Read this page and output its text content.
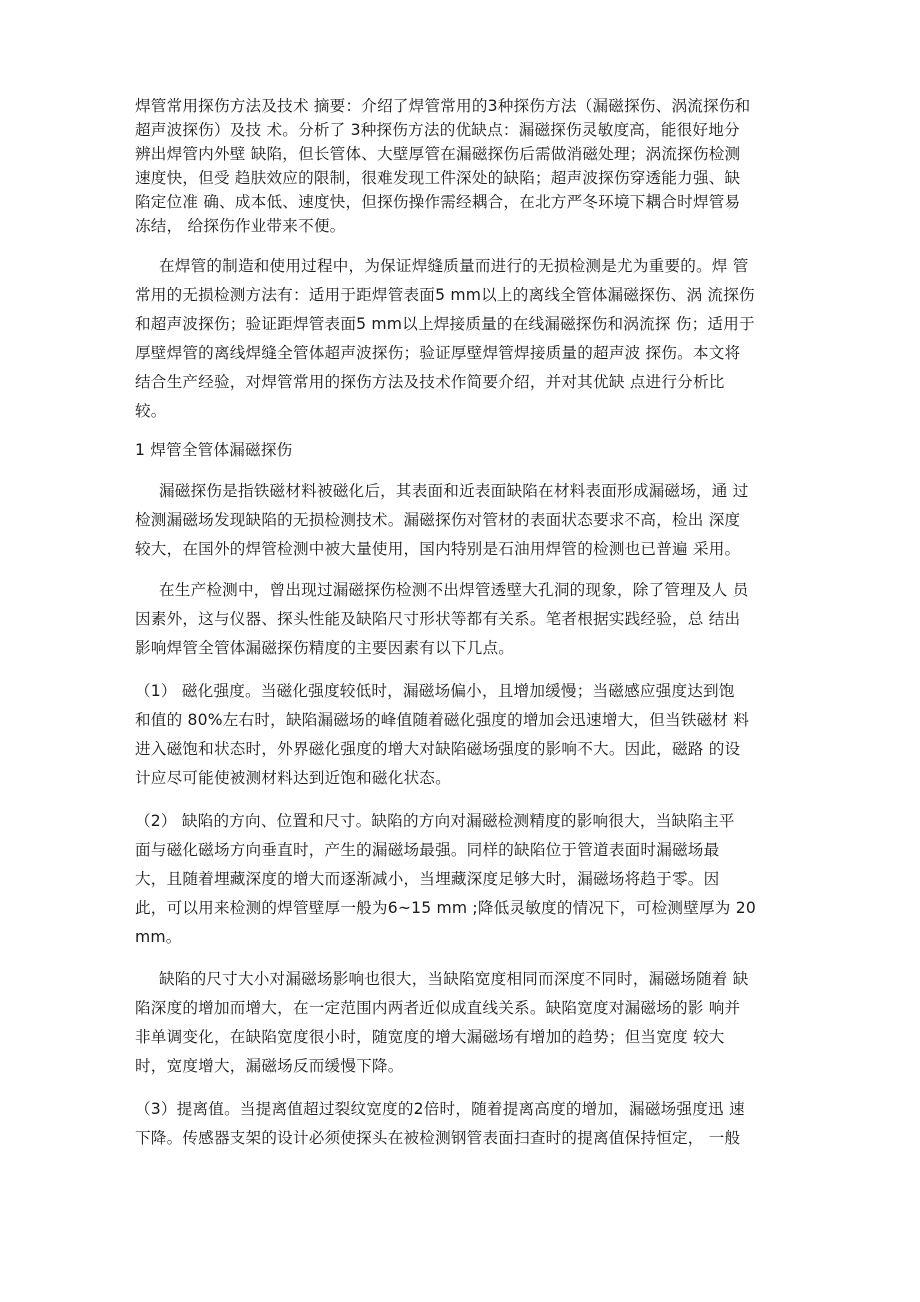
焊管常用探伤方法及技术 摘要：介绍了焊管常用的3种探伤方法（漏磁探伤、涡流探伤和
超声波探伤）及技 术。分析了 3种探伤方法的优缺点：漏磁探伤灵敏度高，能很好地分
辨出焊管内外壁 缺陷，但长管体、大壁厚管在漏磁探伤后需做消磁处理；涡流探伤检测
速度快，但受 趋肤效应的限制，很难发现工件深处的缺陷；超声波探伤穿透能力强、缺
陷定位准 确、成本低、速度快，但探伤操作需经耦合，在北方严冬环境下耦合时焊管易
冻结， 给探伤作业带来不便。
在焊管的制造和使用过程中，为保证焊缝质量而进行的无损检测是尤为重要的。焊 管
常用的无损检测方法有：适用于距焊管表面5 mm以上的离线全管体漏磁探伤、涡 流探伤
和超声波探伤；验证距焊管表面5 mm以上焊接质量的在线漏磁探伤和涡流探 伤；适用于
厚壁焊管的离线焊缝全管体超声波探伤；验证厚壁焊管焊接质量的超声波 探伤。本文将
结合生产经验，对焊管常用的探伤方法及技术作简要介绍，并对其优缺 点进行分析比
较。
1 焊管全管体漏磁探伤
漏磁探伤是指铁磁材料被磁化后，其表面和近表面缺陷在材料表面形成漏磁场，通 过
检测漏磁场发现缺陷的无损检测技术。漏磁探伤对管材的表面状态要求不高，检出 深度
较大，在国外的焊管检测中被大量使用，国内特别是石油用焊管的检测也已普遍 采用。
在生产检测中，曾出现过漏磁探伤检测不出焊管透壁大孔洞的现象，除了管理及人 员
因素外，这与仪器、探头性能及缺陷尺寸形状等都有关系。笔者根据实践经验，总 结出
影响焊管全管体漏磁探伤精度的主要因素有以下几点。
（1） 磁化强度。当磁化强度较低时，漏磁场偏小，且增加缓慢；当磁感应强度达到饱
和值的 80%左右时，缺陷漏磁场的峰值随着磁化强度的增加会迅速增大，但当铁磁材 料
进入磁饱和状态时，外界磁化强度的增大对缺陷磁场强度的影响不大。因此，磁路 的设
计应尽可能使被测材料达到近饱和磁化状态。
（2） 缺陷的方向、位置和尺寸。缺陷的方向对漏磁检测精度的影响很大，当缺陷主平
面与磁化磁场方向垂直时，产生的漏磁场最强。同样的缺陷位于管道表面时漏磁场最
大，且随着埋藏深度的增大而逐渐减小，当埋藏深度足够大时，漏磁场将趋于零。因
此，可以用来检测的焊管壁厚一般为6~15 mm ;降低灵敏度的情况下，可检测壁厚为 20
mm。
缺陷的尺寸大小对漏磁场影响也很大，当缺陷宽度相同而深度不同时，漏磁场随着 缺
陷深度的增加而增大，在一定范围内两者近似成直线关系。缺陷宽度对漏磁场的影 响并
非单调变化，在缺陷宽度很小时，随宽度的增大漏磁场有增加的趋势；但当宽度 较大
时，宽度增大，漏磁场反而缓慢下降。
（3）提离值。当提离值超过裂纹宽度的2倍时，随着提离高度的增加，漏磁场强度迅 速
下降。传感器支架的设计必须使探头在被检测钢管表面扫查时的提离值保持恒定， 一般
